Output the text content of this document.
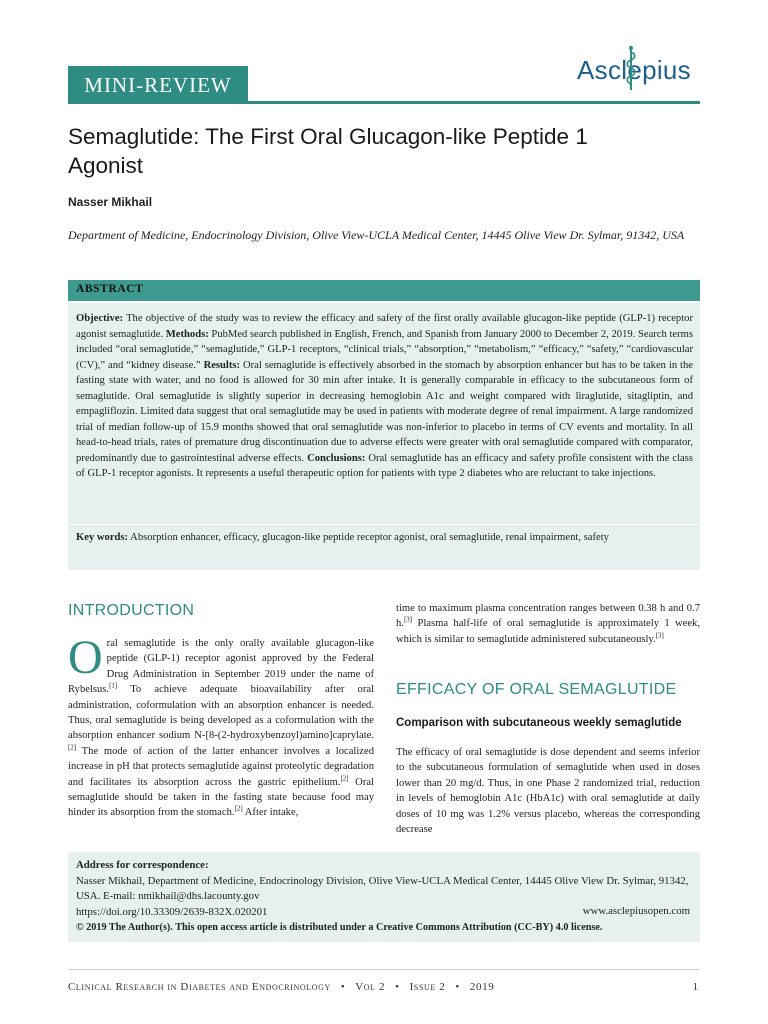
MINI-REVIEW	Asclepius
Semaglutide: The First Oral Glucagon-like Peptide 1 Agonist
Nasser Mikhail
Department of Medicine, Endocrinology Division, Olive View-UCLA Medical Center, 14445 Olive View Dr. Sylmar, 91342, USA
ABSTRACT

Objective: The objective of the study was to review the efficacy and safety of the first orally available glucagon-like peptide (GLP-1) receptor agonist semaglutide. Methods: PubMed search published in English, French, and Spanish from January 2000 to December 2, 2019. Search terms included “oral semaglutide,” “semaglutide,” GLP-1 receptors, “clinical trials,” “absorption,” “metabolism,” “efficacy,” “safety,” “cardiovascular (CV),” and “kidney disease.” Results: Oral semaglutide is effectively absorbed in the stomach by absorption enhancer but has to be taken in the fasting state with water, and no food is allowed for 30 min after intake. It is generally comparable in efficacy to the subcutaneous form of semaglutide. Oral semaglutide is slightly superior in decreasing hemoglobin A1c and weight compared with liraglutide, sitagliptin, and empagliflozin. Limited data suggest that oral semaglutide may be used in patients with moderate degree of renal impairment. A large randomized trial of median follow-up of 15.9 months showed that oral semaglutide was non-inferior to placebo in terms of CV events and mortality. In all head-to-head trials, rates of premature drug discontinuation due to adverse effects were greater with oral semaglutide compared with comparator, predominantly due to gastrointestinal adverse effects. Conclusions: Oral semaglutide has an efficacy and safety profile consistent with the class of GLP-1 receptor agonists. It represents a useful therapeutic option for patients with type 2 diabetes who are reluctant to take injections.

Key words: Absorption enhancer, efficacy, glucagon-like peptide receptor agonist, oral semaglutide, renal impairment, safety

INTRODUCTION

Oral semaglutide is the only orally available glucagon-like peptide (GLP-1) receptor agonist approved by the Federal Drug Administration in September 2019 under the name of Rybelsus.[1] To achieve adequate bioavailability after oral administration, coformulation with an absorption enhancer is needed. Thus, oral semaglutide is being developed as a coformulation with the absorption enhancer sodium N-[8-(2-hydroxybenzoyl)amino]caprylate.[2] The mode of action of the latter enhancer involves a localized increase in pH that protects semaglutide against proteolytic degradation and facilitates its absorption across the gastric epithelium.[2] Oral semaglutide should be taken in the fasting state because food may hinder its absorption from the stomach.[2] After intake,

time to maximum plasma concentration ranges between 0.38 h and 0.7 h.[3] Plasma half-life of oral semaglutide is approximately 1 week, which is similar to semaglutide administered subcutaneously.[3]

EFFICACY OF ORAL SEMAGLUTIDE
Comparison with subcutaneous weekly semaglutide

The efficacy of oral semaglutide is dose dependent and seems inferior to the subcutaneous formulation of semaglutide when used in doses lower than 20 mg/d. Thus, in one Phase 2 randomized trial, reduction in levels of hemoglobin A1c (HbA1c) with oral semaglutide at daily doses of 10 mg was 1.2% versus placebo, whereas the corresponding decrease

Address for correspondence:
Nasser Mikhail, Department of Medicine, Endocrinology Division, Olive View-UCLA Medical Center, 14445 Olive View Dr. Sylmar, 91342, USA. E-mail: nmikhail@dhs.lacounty.gov
https://doi.org/10.33309/2639-832X.020201
© 2019 The Author(s). This open access article is distributed under a Creative Commons Attribution (CC-BY) 4.0 license.
www.asclepiusopen.com
Clinical Research in Diabetes and Endocrinology • Vol 2 • Issue 2 • 2019	1
